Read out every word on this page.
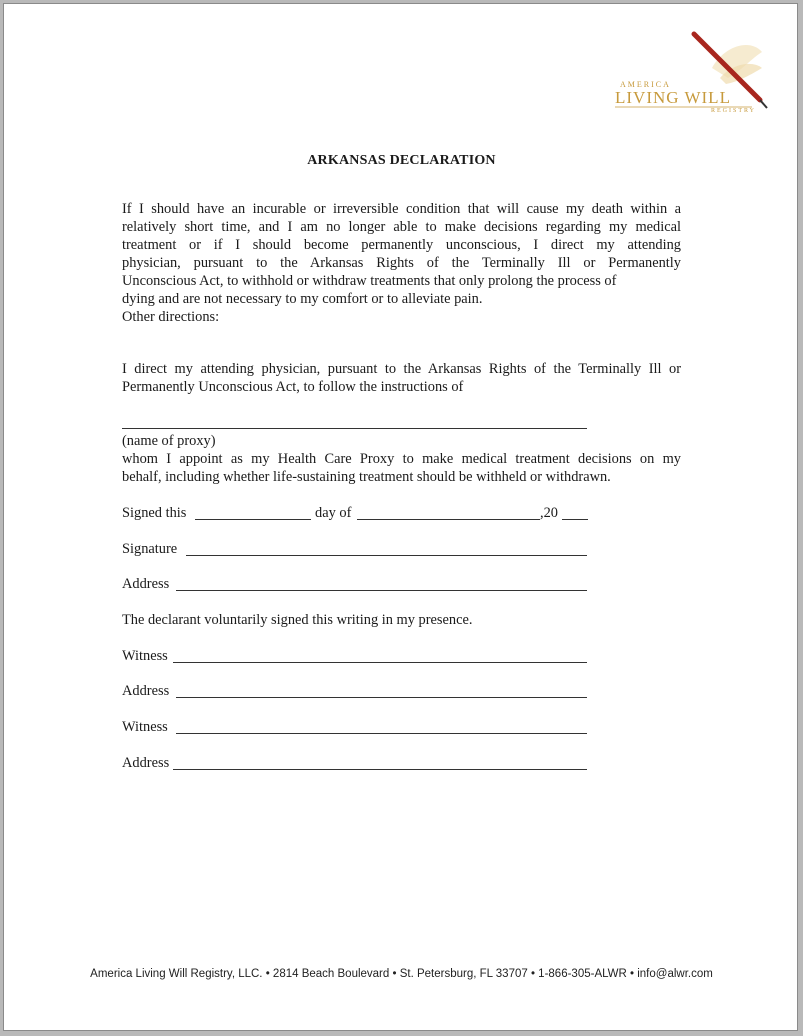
AMERICA
LIVING WILL
REGISTRY
ARKANSAS DECLARATION
If I should have an incurable or irreversible condition that will cause my death within a
relatively short time, and I am no longer able to make decisions regarding my medical
treatment or if I should become permanently unconscious, I direct my attending
physician, pursuant to the Arkansas Rights of the Terminally Ill or Permanently
Unconscious Act, to withhold or withdraw treatments that only prolong the process of
dying and are not necessary to my comfort or to alleviate pain.
Other directions:
I direct my attending physician, pursuant to the Arkansas Rights of the Terminally Ill or
Permanently Unconscious Act, to follow the instructions of
(name of proxy)
whom I appoint as my Health Care Proxy to make medical treatment decisions on my
behalf, including whether life-sustaining treatment should be withheld or withdrawn.
Signed this	day of	,20
Signature
Address
The declarant voluntarily signed this writing in my presence.
Witness
Address
Witness
Address
America Living Will Registry, LLC. • 2814 Beach Boulevard • St. Petersburg, FL 33707 • 1-866-305-ALWR • info@alwr.com
